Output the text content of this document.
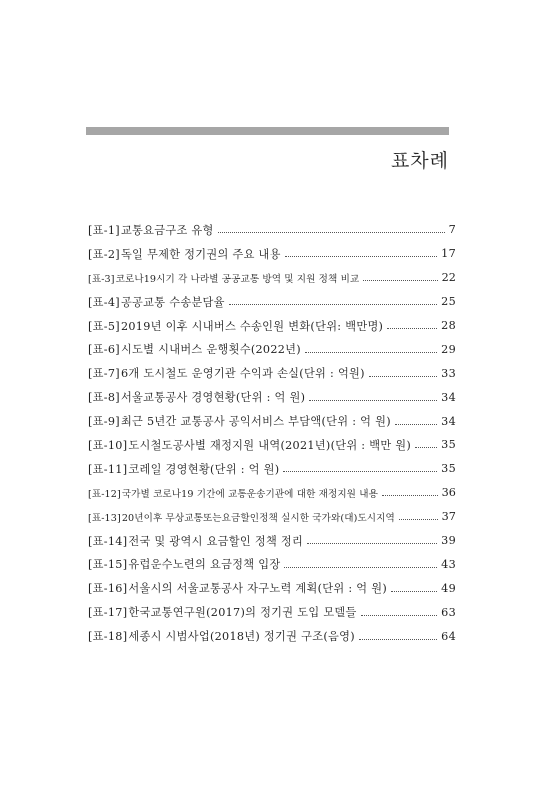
표차례
[표-1] 교통요금구조 유형	7
[표-2] 독일 무제한 정기권의 주요 내용	17
[표-3] 코로나19시기 각 나라별 공공교통 방역 및 지원 정책 비교	22
[표-4] 공공교통 수송분담율	25
[표-5] 2019년 이후 시내버스 수송인원 변화(단위: 백만명)	28
[표-6] 시도별 시내버스 운행횟수(2022년)	29
[표-7] 6개 도시철도 운영기관 수익과 손실(단위 : 억원)	33
[표-8] 서울교통공사 경영현황(단위 : 억 원)	34
[표-9] 최근 5년간 교통공사 공익서비스 부담액(단위 : 억 원)	34
[표-10] 도시철도공사별 재정지원 내역(2021년)(단위 : 백만 원)	35
[표-11] 코레일 경영현황(단위 : 억 원)	35
[표-12] 국가별 코로나19 기간에 교통운송기관에 대한 재정지원 내용	36
[표-13] 20년이후 무상교통또는요금할인정책 실시한 국가와(대)도시지역	37
[표-14] 전국 및 광역시 요금할인 정책 정리	39
[표-15] 유럽운수노련의 요금정책 입장	43
[표-16] 서울시의 서울교통공사 자구노력 계획(단위 : 억 원)	49
[표-17] 한국교통연구원(2017)의 정기권 도입 모델들	63
[표-18] 세종시 시범사업(2018년) 정기권 구조(음영)	64
